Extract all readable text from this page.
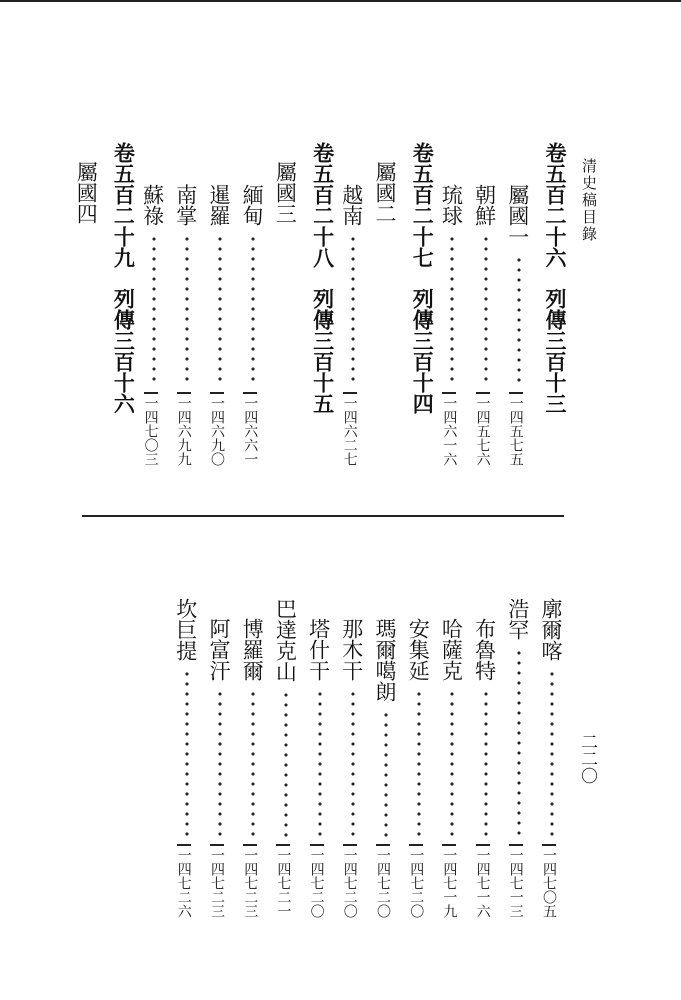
清史稿目錄
二二〇
卷五百二十六列傳三百十三
屬國一
一四五七五
朝鮮
一四五七六
琉球
一四六一六
卷五百二十七列傳三百十四
屬國二
越南
一四六二七
卷五百二十八列傳三百十五
屬國三
緬甸
一四六六一
暹羅
一四六九〇
南掌
一四六九九
蘇祿
一四七〇三
卷五百二十九列傳三百十六
屬國四
廓爾喀
一四七〇五
浩罕
一四七一三
布魯特
一四七一六
哈薩克
一四七一九
安集延
一四七二〇
瑪爾噶朗
一四七二〇
那木干
一四七二〇
塔什干
一四七二〇
巴達克山
一四七二一
博羅爾
一四七二三
阿富汗
一四七二三
坎巨提
一四七二六
